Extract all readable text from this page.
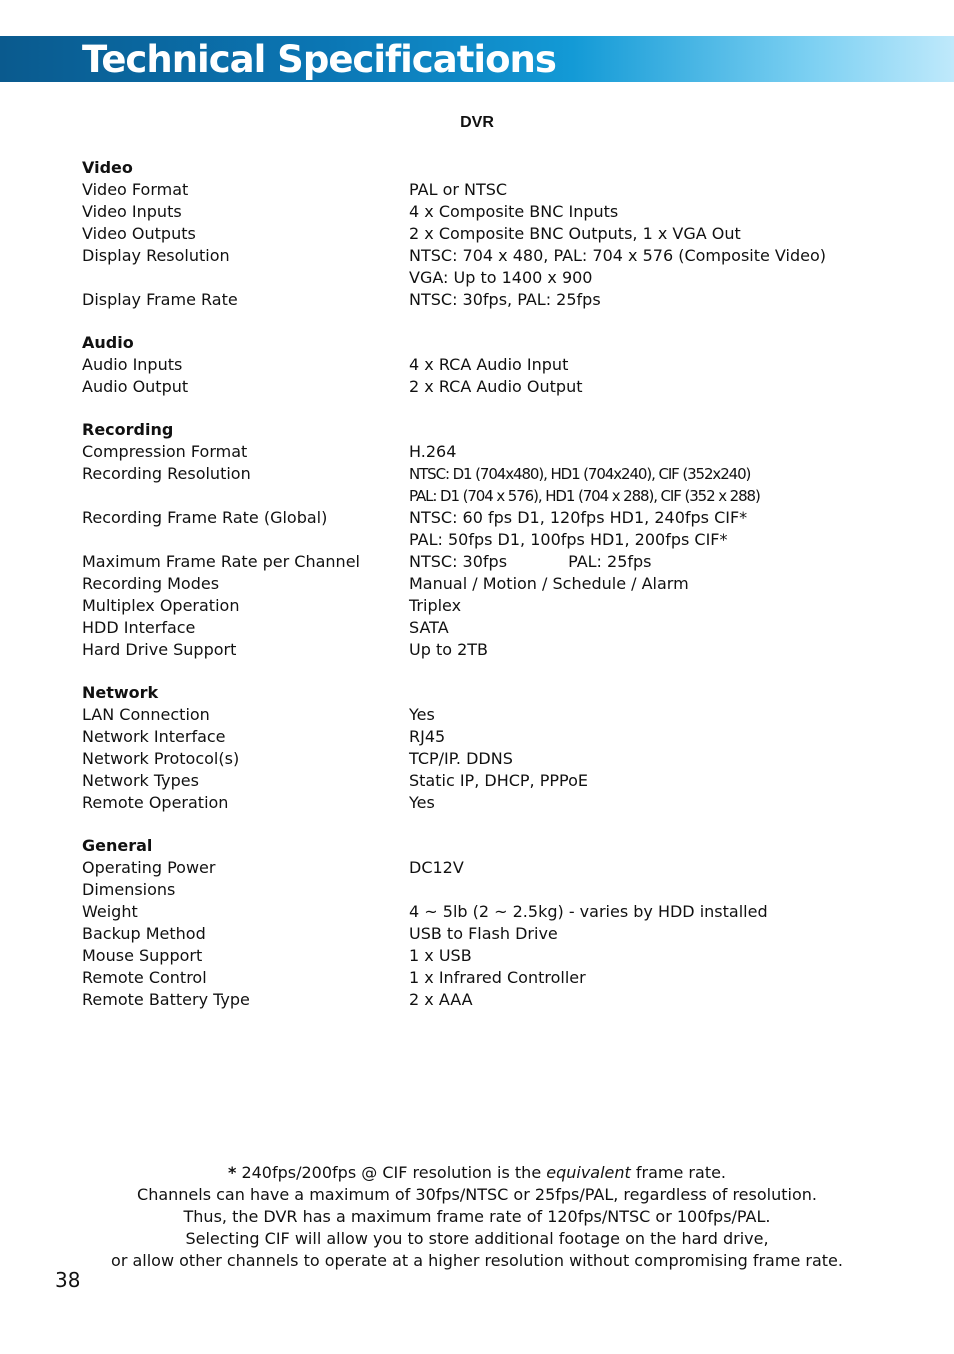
Technical Specifications
DVR
Video
Video Format	PAL or NTSC
Video Inputs	4 x Composite BNC Inputs
Video Outputs	2 x Composite BNC Outputs, 1 x VGA Out
Display Resolution	NTSC: 704 x 480, PAL: 704 x 576 (Composite Video)
VGA: Up to 1400 x 900
Display Frame Rate	NTSC: 30fps, PAL: 25fps
Audio
Audio Inputs	4 x RCA Audio Input
Audio Output	2 x RCA Audio Output
Recording
Compression Format	H.264
Recording Resolution	NTSC: D1 (704x480), HD1 (704x240), CIF (352x240)
PAL: D1 (704 x 576), HD1 (704 x 288), CIF (352 x 288)
Recording Frame Rate (Global)	NTSC: 60 fps D1, 120fps HD1, 240fps CIF*
PAL: 50fps D1, 100fps HD1, 200fps CIF*
Maximum Frame Rate per Channel	NTSC: 30fps            PAL: 25fps
Recording Modes	Manual / Motion / Schedule / Alarm
Multiplex Operation	Triplex
HDD Interface	SATA
Hard Drive Support	Up to 2TB
Network
LAN Connection	Yes
Network Interface	RJ45
Network Protocol(s)	TCP/IP. DDNS
Network Types	Static IP, DHCP, PPPoE
Remote Operation	Yes
General
Operating Power	DC12V
Dimensions
Weight	4 ~ 5lb (2 ~ 2.5kg) - varies by HDD installed
Backup Method	USB to Flash Drive
Mouse Support	1 x USB
Remote Control	1 x Infrared Controller
Remote Battery Type	2 x AAA
* 240fps/200fps @ CIF resolution is the equivalent frame rate.
Channels can have a maximum of 30fps/NTSC or 25fps/PAL, regardless of resolution.
Thus, the DVR has a maximum frame rate of 120fps/NTSC or 100fps/PAL.
Selecting CIF will allow you to store additional footage on the hard drive,
or allow other channels to operate at a higher resolution without compromising frame rate.
38
